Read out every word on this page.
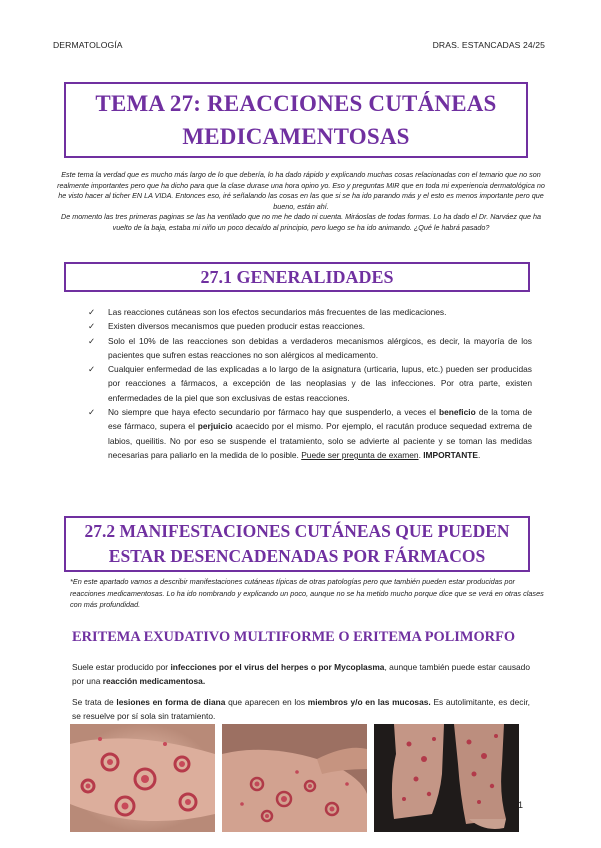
DERMATOLOGÍA	DRAS. ESTANCADAS 24/25
TEMA 27: REACCIONES CUTÁNEAS
MEDICAMENTOSAS

Este tema la verdad que es mucho más largo de lo que debería, lo ha dado rápido y explicando muchas cosas relacionadas con el temario que no son realmente importantes pero que ha dicho para que la clase durase una hora opino yo. Eso y preguntas MIR que en toda mi experiencia dermatológica no he visto hacer al ticher EN LA VIDA. Entonces eso, iré señalando las cosas en las que si se ha ido parando más y el esto es menos importante pero que bueno, están ahí.

De momento las tres primeras paginas se las ha ventilado que no me he dado ni cuenta. Miráoslas de todas formas. Lo ha dado el Dr. Narváez que ha vuelto de la baja, estaba mi niño un poco decaído al principio, pero luego se ha ido animando. ¿Qué le habrá pasado?

27.1 GENERALIDADES
✓ Las reacciones cutáneas son los efectos secundarios más frecuentes de las medicaciones.
✓ Existen diversos mecanismos que pueden producir estas reacciones.
✓ Solo el 10% de las reacciones son debidas a verdaderos mecanismos alérgicos, es decir, la mayoría de los pacientes que sufren estas reacciones no son alérgicos al medicamento.
✓ Cualquier enfermedad de las explicadas a lo largo de la asignatura (urticaria, lupus, etc.) pueden ser producidas por reacciones a fármacos, a excepción de las neoplasias y de las infecciones. Por otra parte, existen enfermedades de la piel que son exclusivas de estas reacciones.
✓ No siempre que haya efecto secundario por fármaco hay que suspenderlo, a veces el beneficio de la toma de ese fármaco, supera el perjuicio acaecido por el mismo. Por ejemplo, el racután produce sequedad extrema de labios, queilitis. No por eso se suspende el tratamiento, solo se advierte al paciente y se toman las medidas necesarias para paliarlo en la medida de lo posible. Puede ser pregunta de examen. IMPORTANTE.
27.2 MANIFESTACIONES CUTÁNEAS QUE PUEDEN
ESTAR DESENCADENADAS POR FÁRMACOS
*En este apartado vamos a describir manifestaciones cutáneas típicas de otras patologías pero que también pueden estar producidas por reacciones medicamentosas. Lo ha ido nombrando y explicando un poco, aunque no se ha metido mucho porque dice que se verá en otras clases con más profundidad.
ERITEMA EXUDATIVO MULTIFORME O ERITEMA POLIMORFO

Suele estar producido por infecciones por el virus del herpes o por Mycoplasma, aunque también puede estar causado por una reacción medicamentosa.

Se trata de lesiones en forma de diana que aparecen en los miembros y/o en las mucosas. Es autolimitante, es decir, se resuelve por sí sola sin tratamiento.

1
